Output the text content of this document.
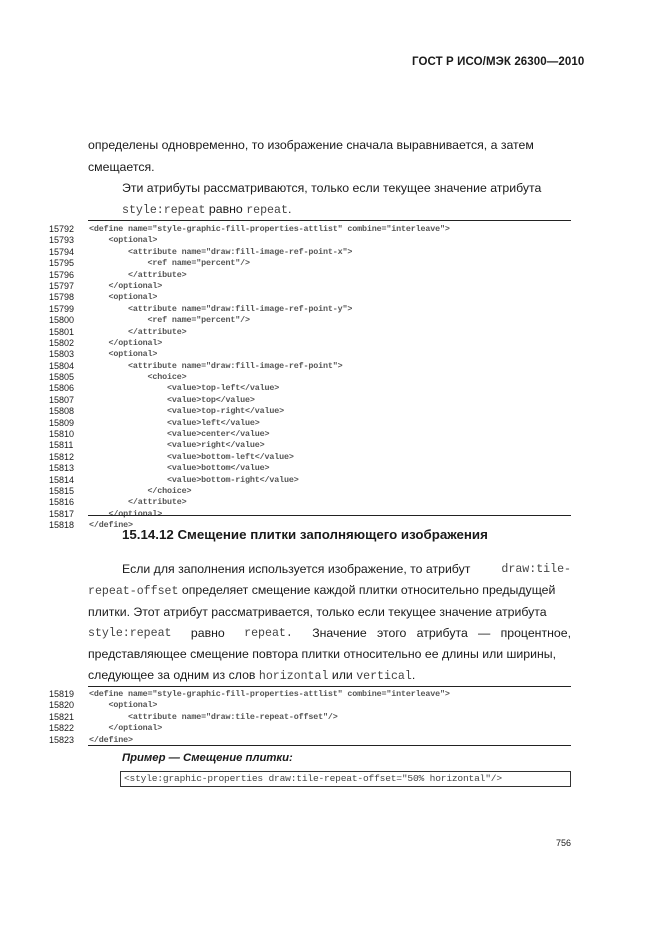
ГОСТ Р ИСО/МЭК 26300—2010
определены одновременно, то изображение сначала выравнивается, а затем
смещается.
Эти атрибуты рассматриваются, только если текущее значение атрибута
style:repeat равно repeat.
15792	<define name="style-graphic-fill-properties-attlist" combine="interleave">
15793	<optional>
15794	<attribute name="draw:fill-image-ref-point-x">
15795	<ref name="percent"/>
15796	</attribute>
15797	</optional>
15798	<optional>
15799	<attribute name="draw:fill-image-ref-point-y">
15800	<ref name="percent"/>
15801	</attribute>
15802	</optional>
15803	<optional>
15804	<attribute name="draw:fill-image-ref-point">
15805	<choice>
15806	<value>top-left</value>
15807	<value>top</value>
15808	<value>top-right</value>
15809	<value>left</value>
15810	<value>center</value>
15811	<value>right</value>
15812	<value>bottom-left</value>
15813	<value>bottom</value>
15814	<value>bottom-right</value>
15815	</choice>
15816	</attribute>
15817	</optional>
15818	</define>
15.14.12 Смещение плитки заполняющего изображения
Если для заполнения используется изображение, то атрибут draw:tile-
repeat-offset определяет смещение каждой плитки относительно предыдущей
плитки. Этот атрибут рассматривается, только если текущее значение атрибута
style:repeat равно repeat. Значение   этого   атрибута   —   процентное,
представляющее смещение повтора плитки относительно ее длины или ширины,
следующее за одним из слов horizontal или vertical.
15819	<define name="style-graphic-fill-properties-attlist" combine="interleave">
15820	<optional>
15821	<attribute name="draw:tile-repeat-offset"/>
15822	</optional>
15823	</define>
Пример — Смещение плитки:
<style:graphic-properties draw:tile-repeat-offset="50% horizontal"/>
756
